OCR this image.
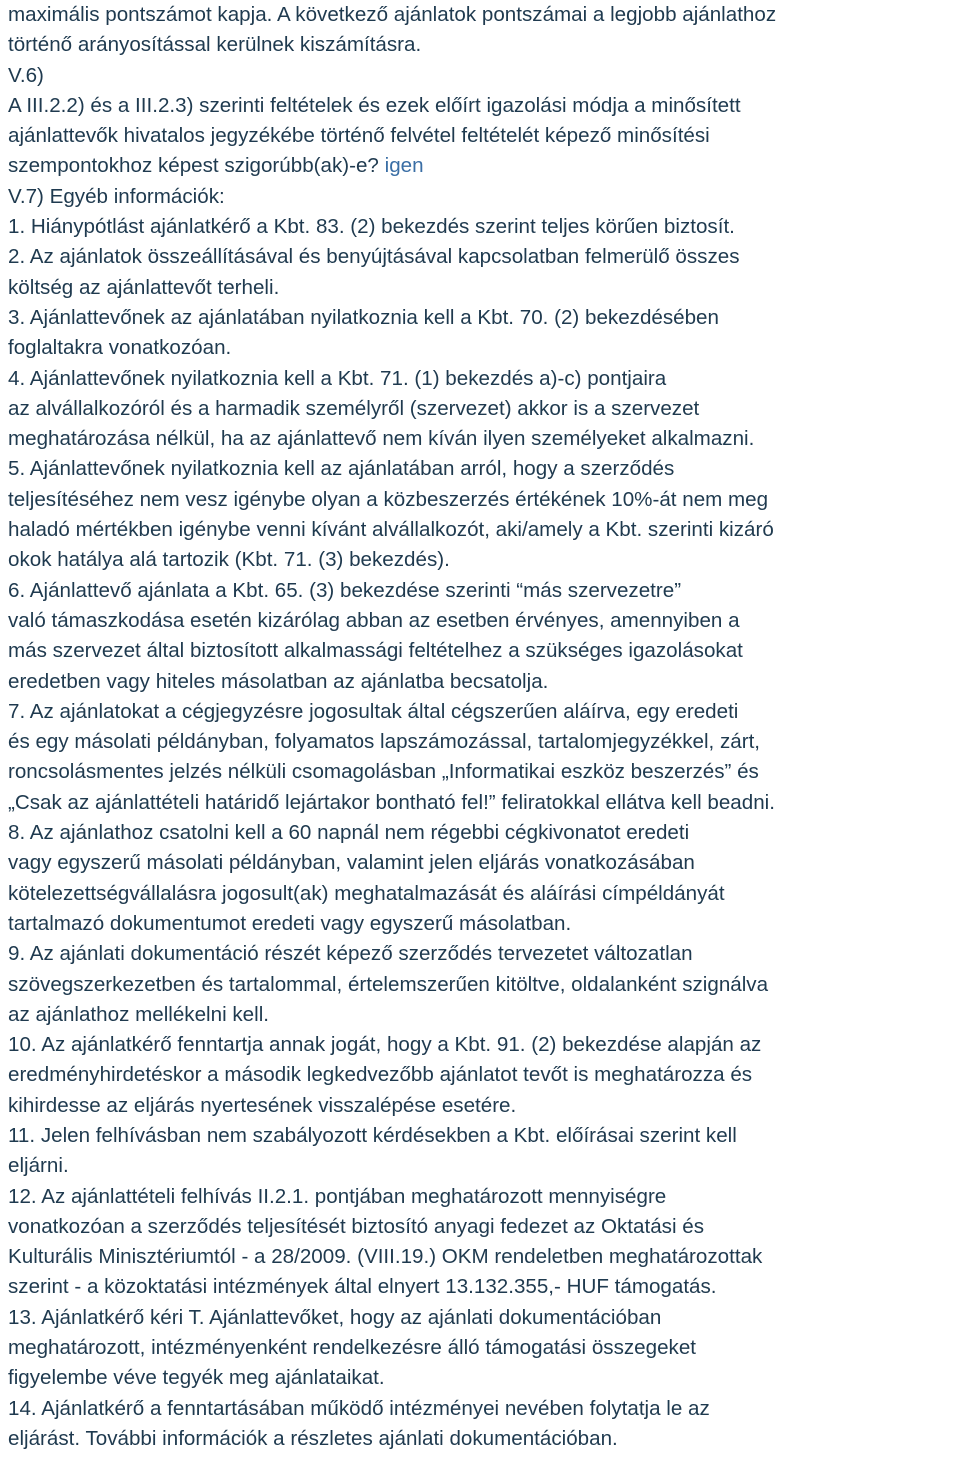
maximális pontszámot kapja. A következő ajánlatok pontszámai a legjobb ajánlathoz
történő arányosítással kerülnek kiszámításra.
V.6)
A III.2.2) és a III.2.3) szerinti feltételek és ezek előírt igazolási módja a minősített
ajánlattevők hivatalos jegyzékébe történő felvétel feltételét képező minősítési
szempontokhoz képest szigorúbb(ak)-e? igen
V.7) Egyéb információk:
1. Hiánypótlást ajánlatkérő a Kbt. 83. (2) bekezdés szerint teljes körűen biztosít.
2. Az ajánlatok összeállításával és benyújtásával kapcsolatban felmerülő összes
költség az ajánlattevőt terheli.
3. Ajánlattevőnek az ajánlatában nyilatkoznia kell a Kbt. 70. (2) bekezdésében
foglaltakra vonatkozóan.
4. Ajánlattevőnek nyilatkoznia kell a Kbt. 71. (1) bekezdés a)-c) pontjaira
az alvállalkozóról és a harmadik személyről (szervezet) akkor is a szervezet
meghatározása nélkül, ha az ajánlattevő nem kíván ilyen személyeket alkalmazni.
5. Ajánlattevőnek nyilatkoznia kell az ajánlatában arról, hogy a szerződés
teljesítéséhez nem vesz igénybe olyan a közbeszerzés értékének 10%-át nem meg
haladó mértékben igénybe venni kívánt alvállalkozót, aki/amely a Kbt. szerinti kizáró
okok hatálya alá tartozik (Kbt. 71. (3) bekezdés).
6. Ajánlattevő ajánlata a Kbt. 65. (3) bekezdése szerinti “más szervezetre”
való támaszkodása esetén kizárólag abban az esetben érvényes, amennyiben a
más szervezet által biztosított alkalmassági feltételhez a szükséges igazolásokat
eredetben vagy hiteles másolatban az ajánlatba becsatolja.
7. Az ajánlatokat a cégjegyzésre jogosultak által cégszerűen aláírva, egy eredeti
és egy másolati példányban, folyamatos lapszámozással, tartalomjegyzékkel, zárt,
roncsolásmentes jelzés nélküli csomagolásban „Informatikai eszköz beszerzés” és
„Csak az ajánlattételi határidő lejártakor bontható fel!” feliratokkal ellátva kell beadni.
8. Az ajánlathoz csatolni kell a 60 napnál nem régebbi cégkivonatot eredeti
vagy egyszerű másolati példányban, valamint jelen eljárás vonatkozásában
kötelezettségvállalásra jogosult(ak) meghatalmazását és aláírási címpéldányát
tartalmazó dokumentumot eredeti vagy egyszerű másolatban.
9. Az ajánlati dokumentáció részét képező szerződés tervezetet változatlan
szövegszerkezetben és tartalommal, értelemszerűen kitöltve, oldalanként szignálva
az ajánlathoz mellékelni kell.
10. Az ajánlatkérő fenntartja annak jogát, hogy a Kbt. 91. (2) bekezdése alapján az
eredményhirdetéskor a második legkedvezőbb ajánlatot tevőt is meghatározza és
kihirdesse az eljárás nyertesének visszalépése esetére.
11. Jelen felhívásban nem szabályozott kérdésekben a Kbt. előírásai szerint kell
eljárni.
12. Az ajánlattételi felhívás II.2.1. pontjában meghatározott mennyiségre
vonatkozóan a szerződés teljesítését biztosító anyagi fedezet az Oktatási és
Kulturális Minisztériumtól - a 28/2009. (VIII.19.) OKM rendeletben meghatározottak
szerint - a közoktatási intézmények által elnyert 13.132.355,- HUF támogatás.
13. Ajánlatkérő kéri T. Ajánlattevőket, hogy az ajánlati dokumentációban
meghatározott, intézményenként rendelkezésre álló támogatási összegeket
figyelembe véve tegyék meg ajánlataikat.
14. Ajánlatkérő a fenntartásában működő intézményei nevében folytatja le az
eljárást. További információk a részletes ajánlati dokumentációban.
